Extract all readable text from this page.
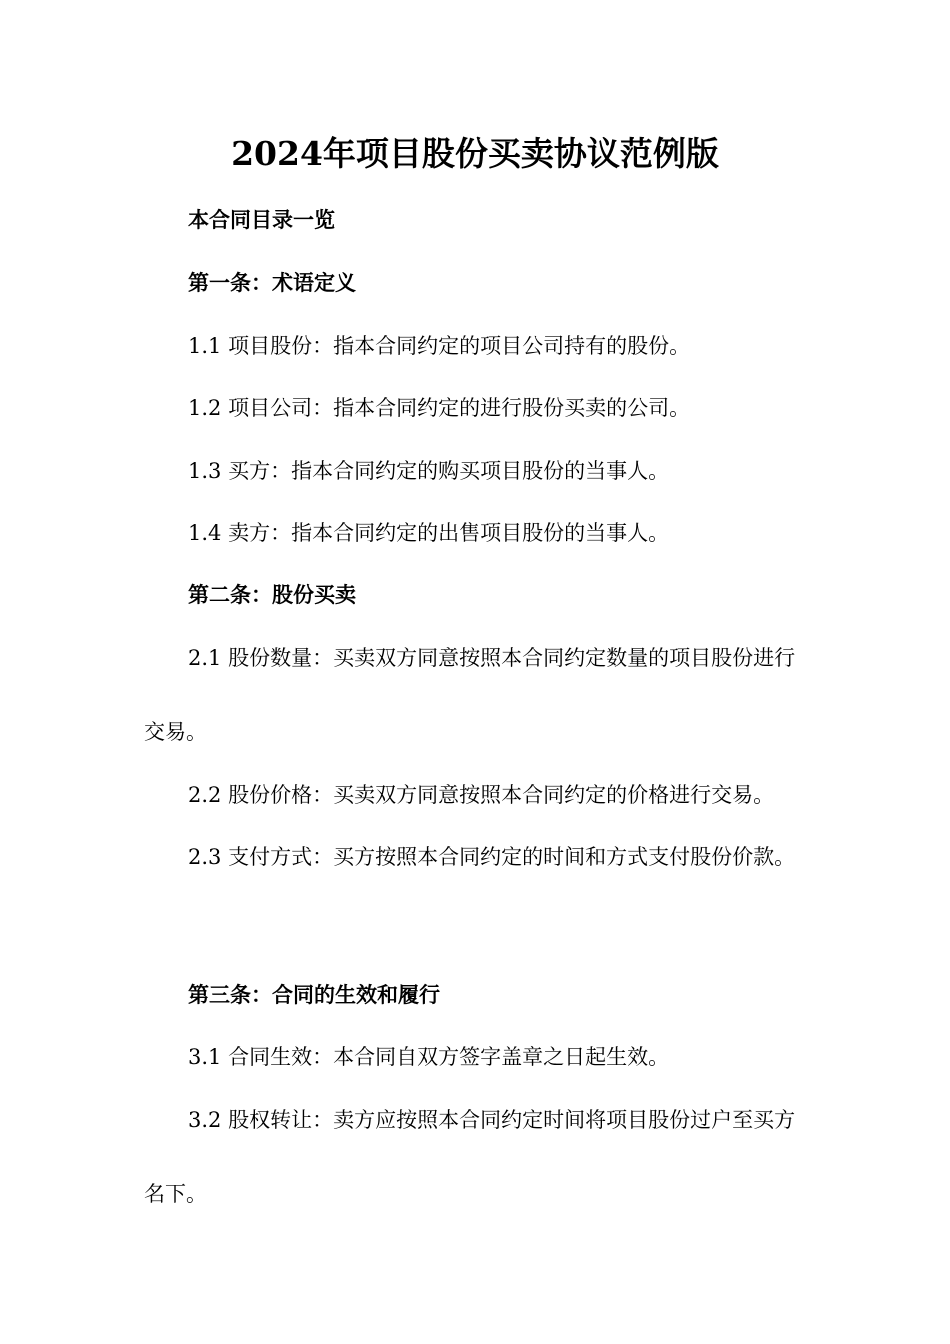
2024年项目股份买卖协议范例版
本合同目录一览
第一条：术语定义
1.1 项目股份：指本合同约定的项目公司持有的股份。
1.2 项目公司：指本合同约定的进行股份买卖的公司。
1.3 买方：指本合同约定的购买项目股份的当事人。
1.4 卖方：指本合同约定的出售项目股份的当事人。
第二条：股份买卖
2.1 股份数量：买卖双方同意按照本合同约定数量的项目股份进行交易。
2.2 股份价格：买卖双方同意按照本合同约定的价格进行交易。
2.3 支付方式：买方按照本合同约定的时间和方式支付股份价款。
第三条：合同的生效和履行
3.1 合同生效：本合同自双方签字盖章之日起生效。
3.2 股权转让：卖方应按照本合同约定时间将项目股份过户至买方名下。
